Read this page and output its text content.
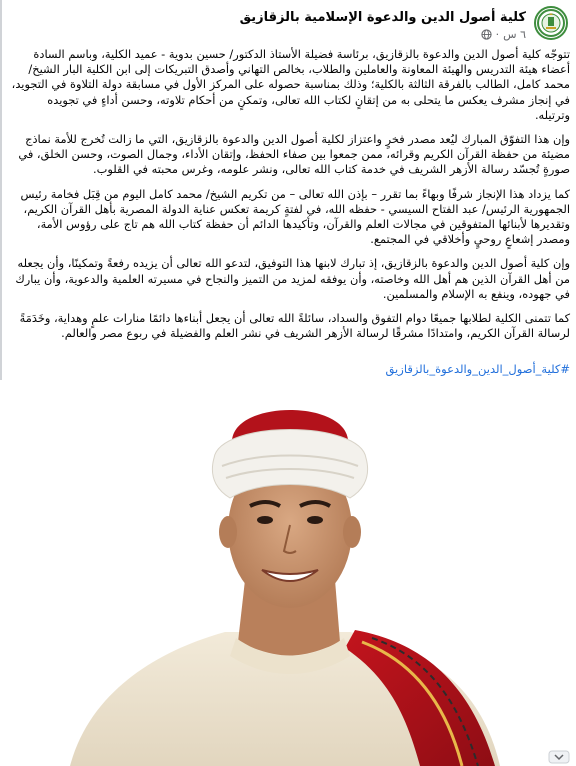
كلية أصول الدين والدعوة الإسلامية بالزقازيق
· ٦ س

تتوجّه كلية أصول الدين والدعوة بالزقازيق، برئاسة فضيلة الأستاذ الدكتور/ حسين بدوية - عميد الكلية، وباسم السادة أعضاء هيئة التدريس والهيئة المعاونة والعاملين والطلاب، بخالص التهاني وأصدق التبريكات إلى ابن الكلية البار الشيخ/ محمد كامل، الطالب بالفرقة الثالثة بالكلية؛ وذلك بمناسبة حصوله على المركز الأول في مسابقة دولة التلاوة في التجويد، في إنجاز مشرف يعكس ما يتحلى به من إتقانٍ لكتاب الله تعالى، وتمكنٍ من أحكام تلاوته، وحسن أداءٍ في تجويده وترتيله.

وإن هذا التفوّق المبارك ليُعد مصدر فخرٍ واعتزاز لكلية أصول الدين والدعوة بالزقازيق، التي ما زالت تُخرج للأمة نماذج مضيئة من حفظة القرآن الكريم وقرائه، ممن جمعوا بين صفاء الحفظ، وإتقان الأداء، وجمال الصوت، وحسن الخلق، في صورةٍ تُجسّد رسالة الأزهر الشريف في خدمة كتاب الله تعالى، ونشر علومه، وغرس محبته في القلوب.

كما يزداد هذا الإنجاز شرفًا وبهاءً بما تقرر – بإذن الله تعالى – من تكريم الشيخ/ محمد كامل اليوم من قِبَل فخامة رئيس الجمهورية الرئيس/ عبد الفتاح السيسي - حفظه الله، في لفتةٍ كريمة تعكس عناية الدولة المصرية بأهل القرآن الكريم، وتقديرها لأبنائها المتفوقين في مجالات العلم والقرآن، وتأكيدها الدائم أن حفظة كتاب الله هم تاج على رؤوس الأمة، ومصدر إشعاعٍ روحيٍ وأخلاقي في المجتمع.

وإن كلية أصول الدين والدعوة بالزقازيق، إذ تبارك لابنها هذا التوفيق، لتدعو الله تعالى أن يزيده رفعةً وتمكينًا، وأن يجعله من أهل القرآن الذين هم أهل الله وخاصته، وأن يوفقه لمزيد من التميز والنجاح في مسيرته العلمية والدعوية، وأن يبارك في جهوده، وينفع به الإسلام والمسلمين.

كما تتمنى الكلية لطلابها جميعًا دوام التفوق والسداد، سائلةً الله تعالى أن يجعل أبناءها دائمًا منارات علمٍ وهداية، وخَدَمَةً لرسالة القرآن الكريم، وامتدادًا مشرقًا لرسالة الأزهر الشريف في نشر العلم والفضيلة في ربوع مصر والعالم.

#كلية_أصول_الدين_والدعوة_بالزقازيق
